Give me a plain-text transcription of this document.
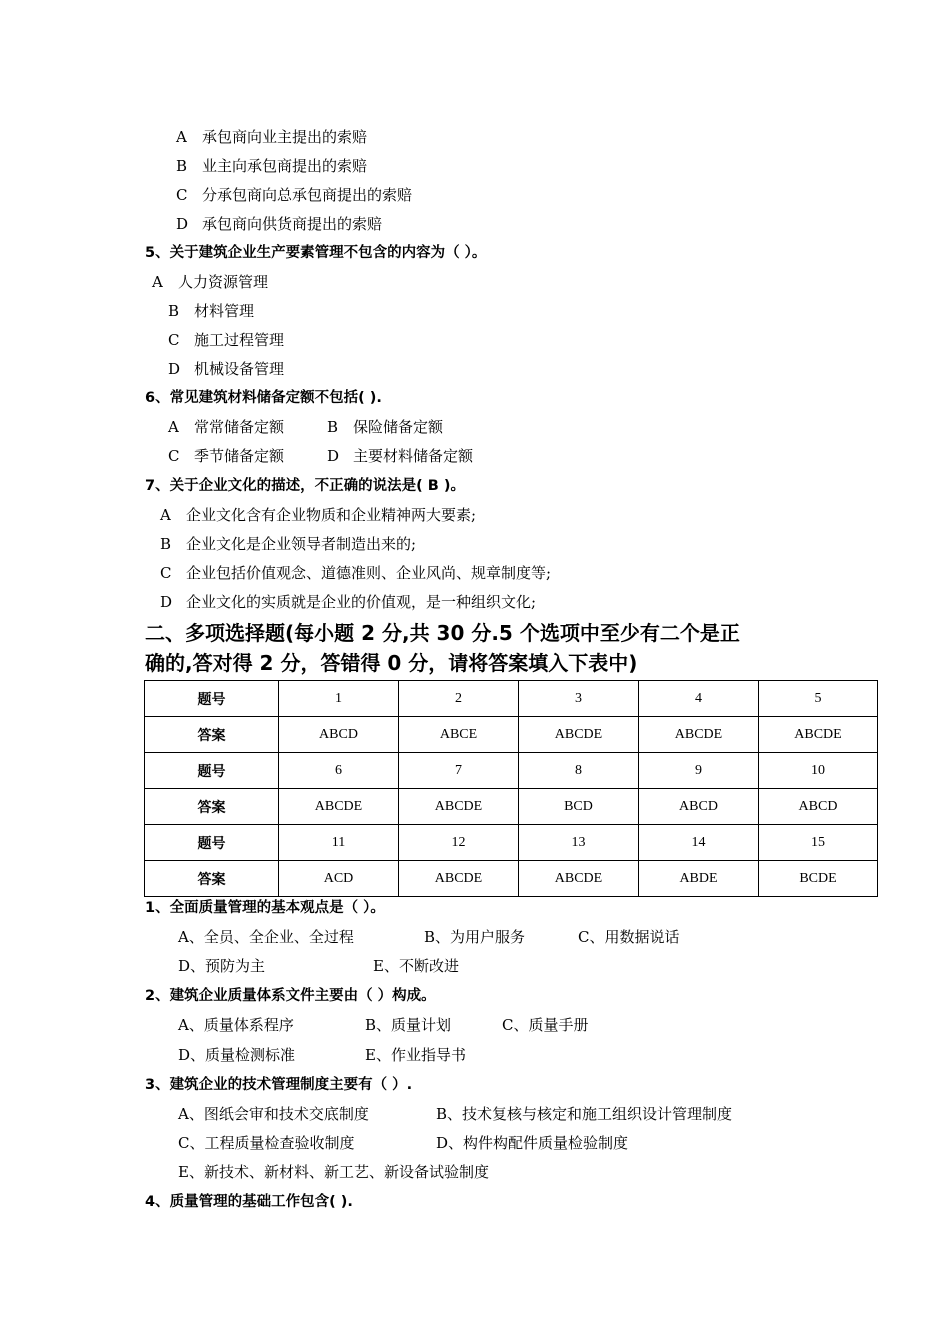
A 承包商向业主提出的索赔
B 业主向承包商提出的索赔
C 分承包商向总承包商提出的索赔
D 承包商向供货商提出的索赔
5、关于建筑企业生产要素管理不包含的内容为（ ）。
A 人力资源管理
B 材料管理
C 施工过程管理
D 机械设备管理
6、常见建筑材料储备定额不包括( ).
A 常常储备定额	B 保险储备定额
C 季节储备定额	D 主要材料储备定额
7、关于企业文化的描述，不正确的说法是( B )。
A 企业文化含有企业物质和企业精神两大要素;
B 企业文化是企业领导者制造出来的;
C 企业包括价值观念、道德准则、企业风尚、规章制度等;
D 企业文化的实质就是企业的价值观，是一种组织文化;
二、多项选择题(每小题 2 分,共 30 分.5 个选项中至少有二个是正
确的,答对得 2 分，答错得 0 分，请将答案填入下表中)
题号	1	2	3	4	5
答案	ABCD	ABCE	ABCDE	ABCDE	ABCDE
题号	6	7	8	9	10
答案	ABCDE	ABCDE	BCD	ABCD	ABCD
题号	11	12	13	14	15
答案	ACD	ABCDE	ABCDE	ABDE	BCDE
1、全面质量管理的基本观点是（ ）。
A、全员、全企业、全过程	B、为用户服务	C、用数据说话
D、预防为主	E、不断改进
2、建筑企业质量体系文件主要由（ ）构成。
A、质量体系程序	B、质量计划	C、质量手册
D、质量检测标准	E、作业指导书
3、建筑企业的技术管理制度主要有（ ）.
A、图纸会审和技术交底制度	B、技术复核与核定和施工组织设计管理制度
C、工程质量检查验收制度	D、构件构配件质量检验制度
E、新技术、新材料、新工艺、新设备试验制度
4、质量管理的基础工作包含( ).
